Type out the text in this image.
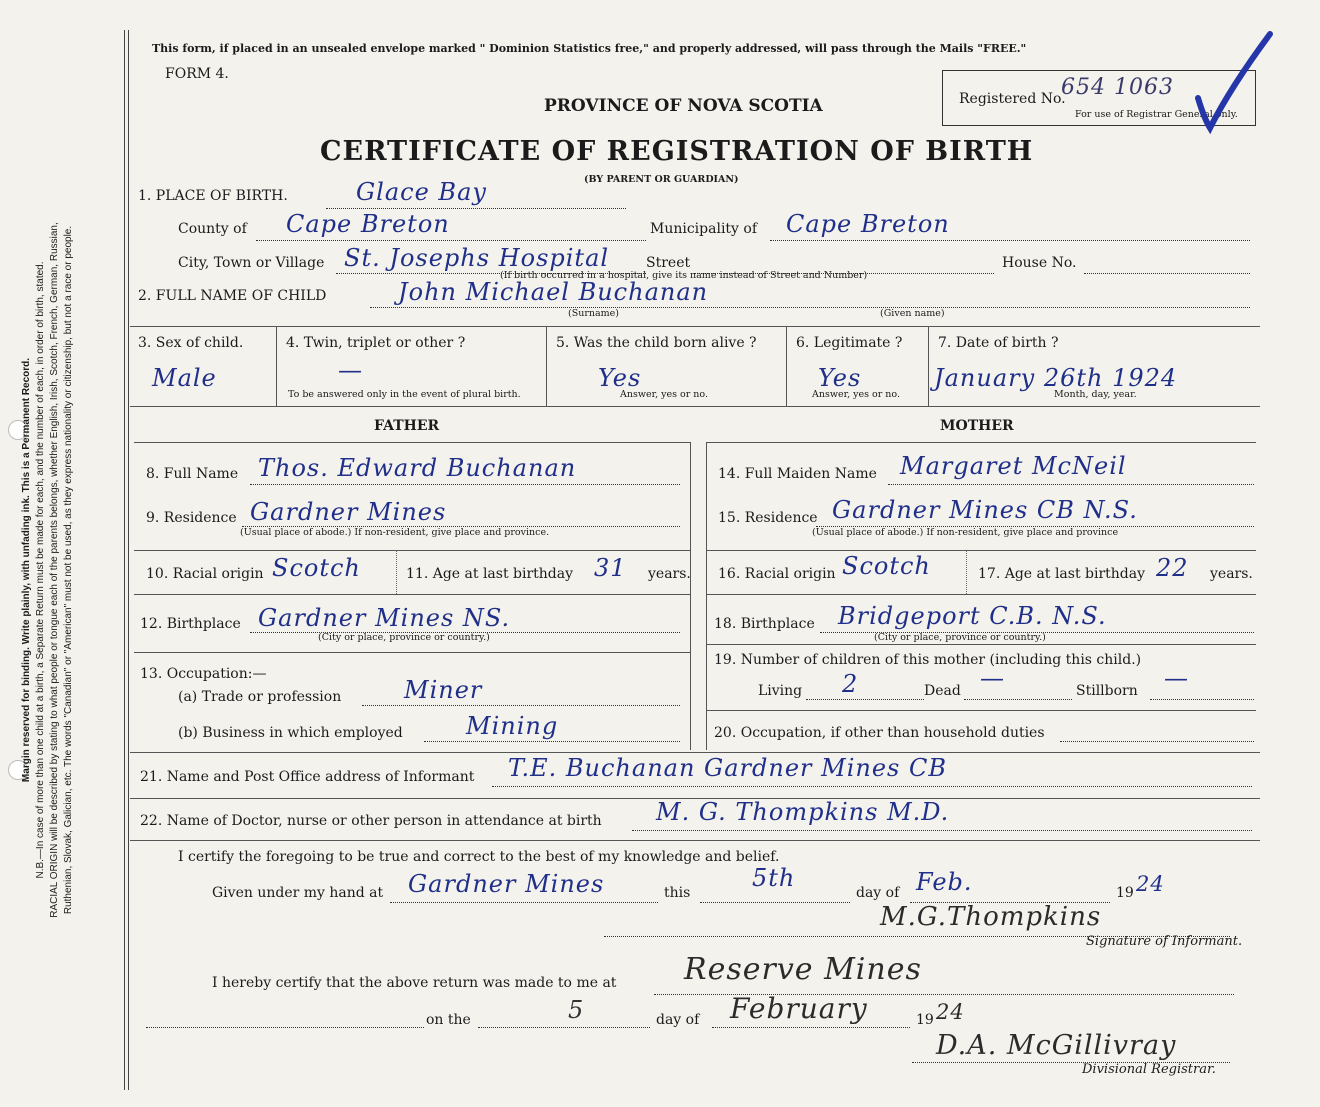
Margin reserved for binding. Write plainly, with unfading ink. This is a Permanent Record. N.B.—In case of more than one child at a birth, a Separate Return must be made for each, and the number of each, in order of birth, stated. RACIAL ORIGIN will be described by stating to what people or tongue each of the parents belongs, whether English, Irish, Scotch, French, German, Russian, Ruthenian, Slovak, Galician, etc. The words "Canadian" or "American" must not be used, as they express nationality or citizenship, but not a race or people.
This form, if placed in an unsealed envelope marked " Dominion Statistics free," and properly addressed, will pass through the Mails "FREE."
FORM 4.
PROVINCE OF NOVA SCOTIA
CERTIFICATE OF REGISTRATION OF BIRTH
(BY PARENT OR GUARDIAN)
Registered No.
654 1063
For use of Registrar General only.
1. PLACE OF BIRTH.	Glace Bay
County of Cape Breton	Municipality of Cape Breton
City, Town or Village St. Josephs Hospital	Street	House No.
(If birth occurred in a hospital, give its name instead of Street and Number)
2. FULL NAME OF CHILD	John Michael Buchanan
(Surname)	(Given name)
3. Sex of child.
Male
4. Twin, triplet or other ?
—
To be answered only in the event of plural birth.
5. Was the child born alive ?
Yes
Answer, yes or no.
6. Legitimate ?
Yes
Answer, yes or no.
7. Date of birth ?
January 26th 1924
Month, day, year.
FATHER	MOTHER
8. Full Name Thos. Edward Buchanan
9. Residence Gardner Mines
(Usual place of abode.) If non-resident, give place and province.
10. Racial origin Scotch	11. Age at last birthday 31 years.
12. Birthplace Gardner Mines NS.
(City or place, province or country.)
13. Occupation:—
(a) Trade or profession	Miner
(b) Business in which employed	Mining
14. Full Maiden Name Margaret McNeil
15. Residence Gardner Mines CB N.S.
(Usual place of abode.) If non-resident, give place and province
16. Racial origin Scotch	17. Age at last birthday 22 years.
18. Birthplace Bridgeport C.B. N.S.
(City or place, province or country.)
19. Number of children of this mother (including this child.)
Living 2	Dead —	Stillborn —
20. Occupation, if other than household duties
21. Name and Post Office address of Informant T.E. Buchanan Gardner Mines CB
22. Name of Doctor, nurse or other person in attendance at birth M. G. Thompkins M.D.
I certify the foregoing to be true and correct to the best of my knowledge and belief.
Given under my hand at Gardner Mines	this
5th
day of Feb.	19 24
M.G.Thompkins
Signature of Informant.
I hereby certify that the above return was made to me at Reserve Mines
on the	5	day of February	19 24
D.A. McGillivray
Divisional Registrar.
